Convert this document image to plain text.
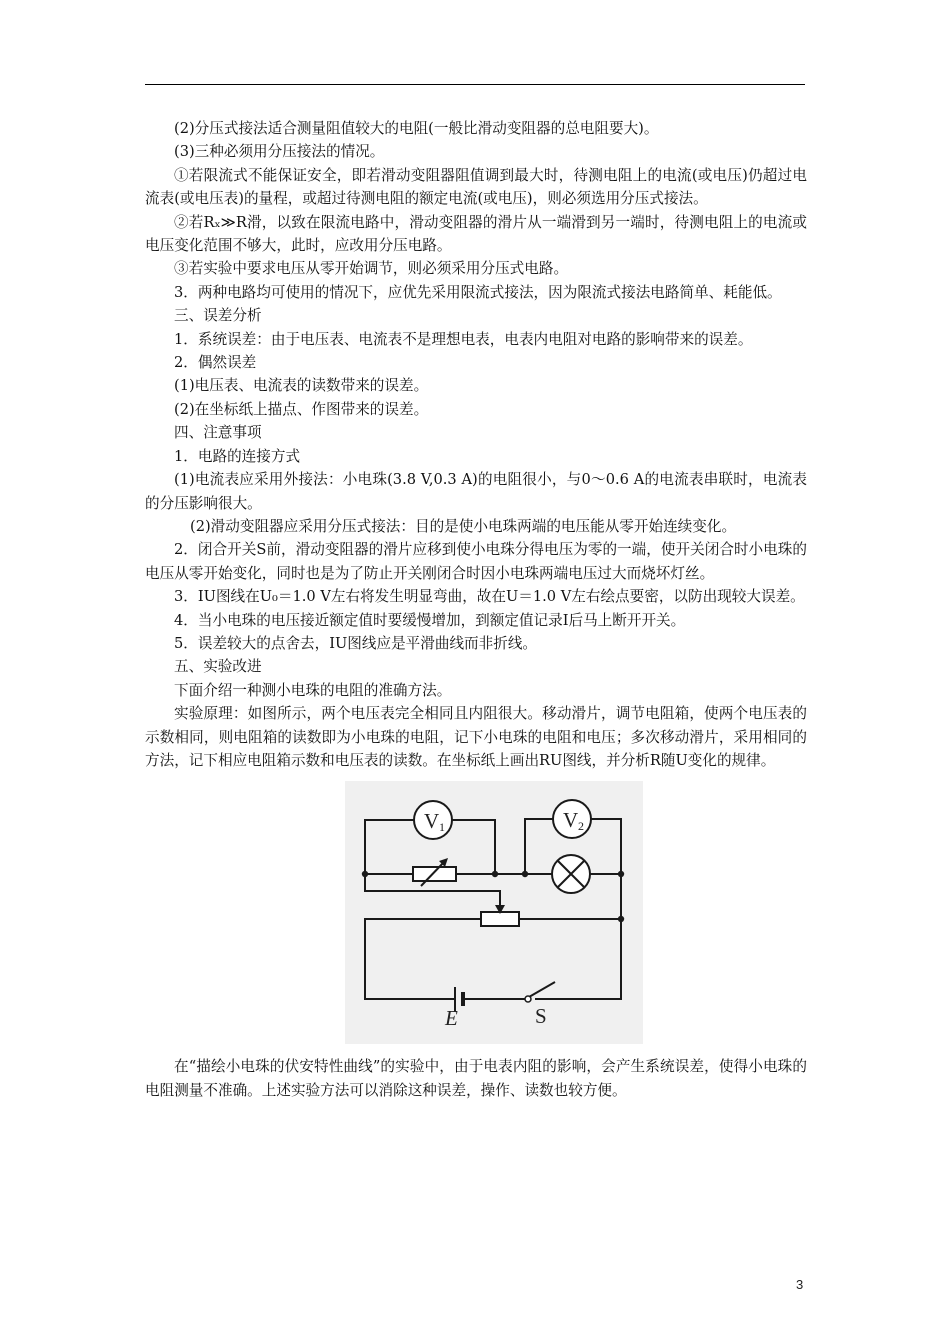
(2)分压式接法适合测量阻值较大的电阻(一般比滑动变阻器的总电阻要大)。

(3)三种必须用分压接法的情况。

①若限流式不能保证安全，即若滑动变阻器阻值调到最大时，待测电阻上的电流(或电压)仍超过电流表(或电压表)的量程，或超过待测电阻的额定电流(或电压)，则必须选用分压式接法。

②若Rₓ≫R滑，以致在限流电路中，滑动变阻器的滑片从一端滑到另一端时，待测电阻上的电流或电压变化范围不够大，此时，应改用分压电路。

③若实验中要求电压从零开始调节，则必须采用分压式电路。

3．两种电路均可使用的情况下，应优先采用限流式接法，因为限流式接法电路简单、耗能低。

三、误差分析

1．系统误差：由于电压表、电流表不是理想电表，电表内电阻对电路的影响带来的误差。

2．偶然误差

(1)电压表、电流表的读数带来的误差。

(2)在坐标纸上描点、作图带来的误差。

四、注意事项

1．电路的连接方式

(1)电流表应采用外接法：小电珠(3.8 V,0.3 A)的电阻很小，与0～0.6 A的电流表串联时，电流表的分压影响很大。

(2)滑动变阻器应采用分压式接法：目的是使小电珠两端的电压能从零开始连续变化。

2．闭合开关S前，滑动变阻器的滑片应移到使小电珠分得电压为零的一端，使开关闭合时小电珠的电压从零开始变化，同时也是为了防止开关刚闭合时因小电珠两端电压过大而烧坏灯丝。

3．IU图线在U₀＝1.0 V左右将发生明显弯曲，故在U＝1.0 V左右绘点要密，以防出现较大误差。

4．当小电珠的电压接近额定值时要缓慢增加，到额定值记录I后马上断开开关。

5．误差较大的点舍去，IU图线应是平滑曲线而非折线。

五、实验改进

下面介绍一种测小电珠的电阻的准确方法。

实验原理：如图所示，两个电压表完全相同且内阻很大。移动滑片，调节电阻箱，使两个电压表的示数相同，则电阻箱的读数即为小电珠的电阻，记下小电珠的电阻和电压；多次移动滑片，采用相同的方法，记下相应电阻箱示数和电压表的读数。在坐标纸上画出RU图线，并分析R随U变化的规律。

V 1	V 2
E	S

在“描绘小电珠的伏安特性曲线”的实验中，由于电表内阻的影响，会产生系统误差，使得小电珠的电阻测量不准确。上述实验方法可以消除这种误差，操作、读数也较方便。

3
